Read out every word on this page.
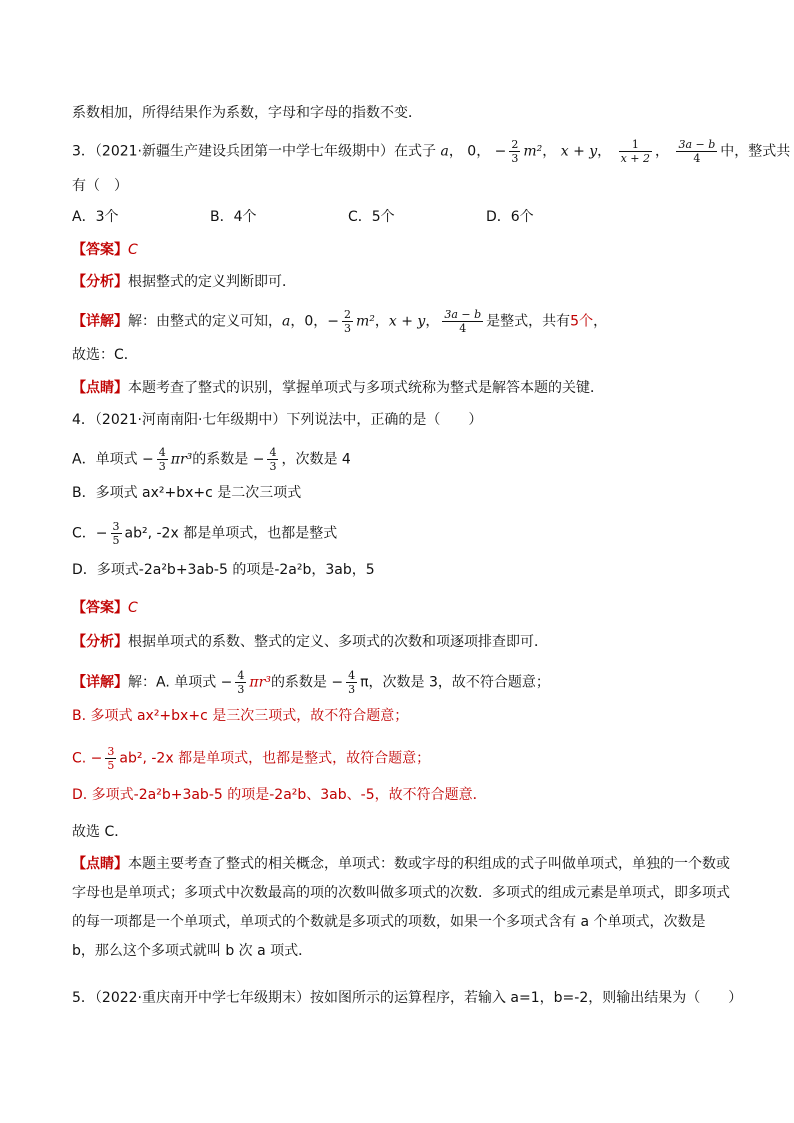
系数相加，所得结果作为系数，字母和字母的指数不变．
3．（2021·新疆生产建设兵团第一中学七年级期中）在式子 a， 0， − $\frac{2}{3} m^2$， x + y， $\frac{1}{x + 2}$ ， $\frac{3a - b}{4}$ 中，整式共
有（　）
A．3个	B．4个	C．5个	D．6个
【答案】C
【分析】根据整式的定义判断即可．
【详解】解：由整式的定义可知，a，0，− $\frac{2}{3} m^2$，x + y， $\frac{3a - b}{4}$ 是整式，共有5个，
故选：C．
【点睛】本题考查了整式的识别，掌握单项式与多项式统称为整式是解答本题的关键．
4．（2021·河南南阳·七年级期中）下列说法中，正确的是（　　）
A．单项式 − $\frac{4}{3} \pi r^3$的系数是 − $\frac{4}{3}$ ，次数是 4
B．多项式 ax²+bx+c 是二次三项式
C．− $\frac{3}{5} ab^2$, -2x 都是单项式，也都是整式
D．多项式-2a²b+3ab-5 的项是-2a²b，3ab，5
【答案】C
【分析】根据单项式的系数、整式的定义、多项式的次数和项逐项排查即可．
【详解】解：A. 单项式 − $\frac{4}{3} \pi r^3$的系数是 − $\frac{4}{3}$ π，次数是 3，故不符合题意；
B. 多项式 ax²+bx+c 是三次三项式，故不符合题意；
C. − $\frac{3}{5} ab^2$, -2x 都是单项式，也都是整式，故符合题意；
D. 多项式-2a²b+3ab-5 的项是-2a²b、3ab、-5，故不符合题意．
故选 C．
【点睛】本题主要考查了整式的相关概念，单项式：数或字母的积组成的式子叫做单项式，单独的一个数或字母也是单项式；多项式中次数最高的项的次数叫做多项式的次数．多项式的组成元素是单项式，即多项式的每一项都是一个单项式，单项式的个数就是多项式的项数，如果一个多项式含有 a 个单项式，次数是 b，那么这个多项式就叫 b 次 a 项式．
5．（2022·重庆南开中学七年级期末）按如图所示的运算程序，若输入 a=1，b=-2，则输出结果为（　　）
